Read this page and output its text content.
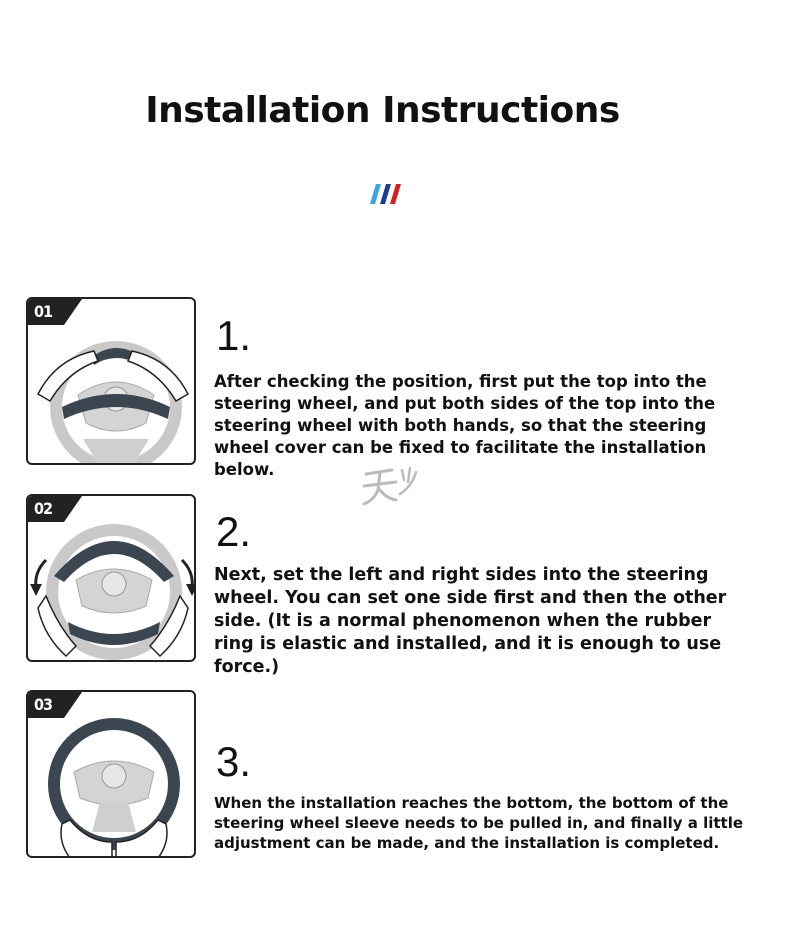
Installation Instructions
01
1.
After checking the position, first put the top into the steering wheel, and put both sides of the top into the steering wheel with both hands, so that the steering wheel cover can be fixed to facilitate the installation below.
02	2.
Next, set the left and right sides into the steering wheel. You can set one side first and then the other side. (It is a normal phenomenon when the rubber ring is elastic and installed, and it is enough to use force.)
03
3.
When the installation reaches the bottom, the bottom of the steering wheel sleeve needs to be pulled in, and finally a little adjustment can be made, and the installation is completed.
